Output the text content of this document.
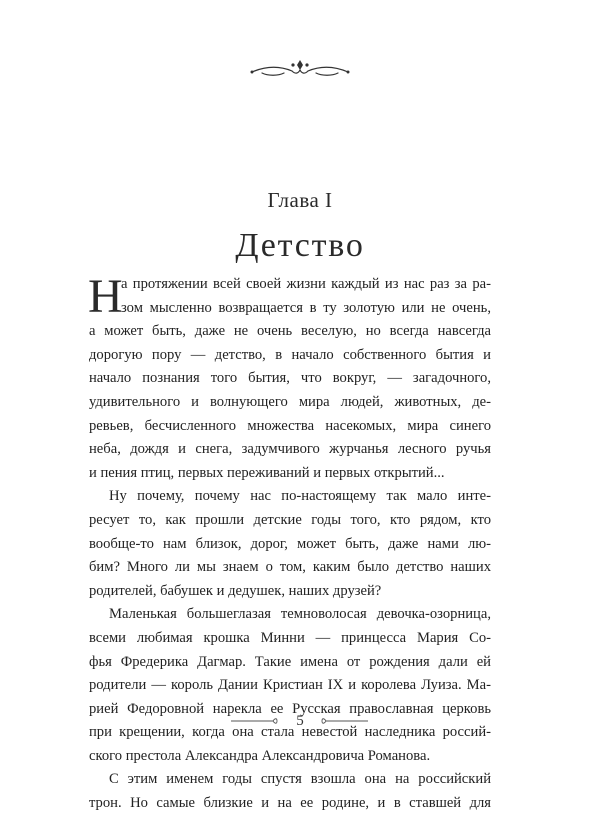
Глава I
Детство
Н
а протяжении всей своей жизни каждый из нас раз за ра-
зом мысленно возвращается в ту золотую или не очень,
а может быть, даже не очень веселую, но всегда навсегда
дорогую пору — детство, в начало собственного бытия и
начало познания того бытия, что вокруг, — загадочного,
удивительного и волнующего мира людей, животных, де-
ревьев, бесчисленного множества насекомых, мира синего
неба, дождя и снега, задумчивого журчанья лесного ручья
и пения птиц, первых переживаний и первых открытий...
Ну почему, почему нас по-настоящему так мало инте-
ресует то, как прошли детские годы того, кто рядом, кто
вообще-то нам близок, дорог, может быть, даже нами лю-
бим? Много ли мы знаем о том, каким было детство наших
родителей, бабушек и дедушек, наших друзей?
Маленькая большеглазая темноволосая девочка-озорница,
всеми любимая крошка Минни — принцесса Мария Со-
фья Фредерика Дагмар. Такие имена от рождения дали ей
родители — король Дании Кристиан IX и королева Луиза. Ма-
рией Федоровной нарекла ее Русская православная церковь
при крещении, когда она стала невестой наследника россий-
ского престола Александра Александровича Романова.
С этим именем годы спустя взошла она на российский
трон. Но самые близкие и на ее родине, и в ставшей для
5
